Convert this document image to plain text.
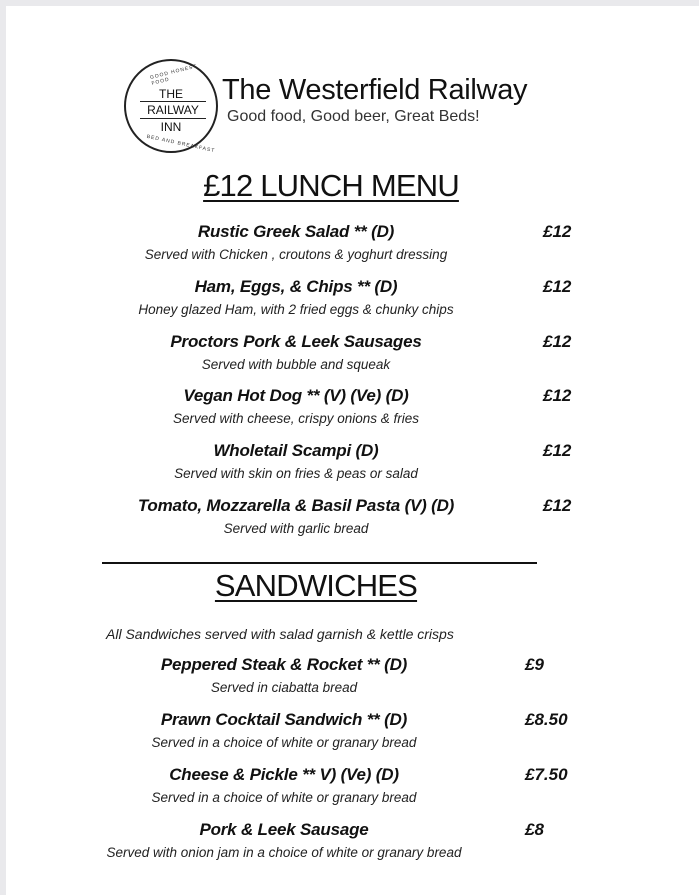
GOOD HONEST FOOD
THE
RAILWAY
INN
BED AND BREAKFAST
The Westerfield Railway
Good food, Good beer, Great Beds!
£12 LUNCH MENU
Rustic Greek Salad ** (D)
Served with Chicken , croutons & yoghurt dressing
£12
Ham, Eggs, & Chips ** (D)
Honey glazed Ham, with 2 fried eggs & chunky chips
£12
Proctors Pork & Leek Sausages
Served with bubble and squeak
£12
Vegan Hot Dog ** (V) (Ve) (D)
Served with cheese, crispy onions & fries
£12
Wholetail Scampi (D)
Served with skin on fries & peas or salad
£12
Tomato, Mozzarella & Basil Pasta (V) (D)
Served with garlic bread
£12
SANDWICHES
All Sandwiches served with salad garnish & kettle crisps
Peppered Steak & Rocket ** (D)
Served in ciabatta bread
£9
Prawn Cocktail Sandwich ** (D)
Served in a choice of white or granary bread
£8.50
Cheese & Pickle ** V) (Ve) (D)
Served in a choice of white or granary bread
£7.50
Pork & Leek Sausage
Served with onion jam in a choice of white or granary bread
£8
